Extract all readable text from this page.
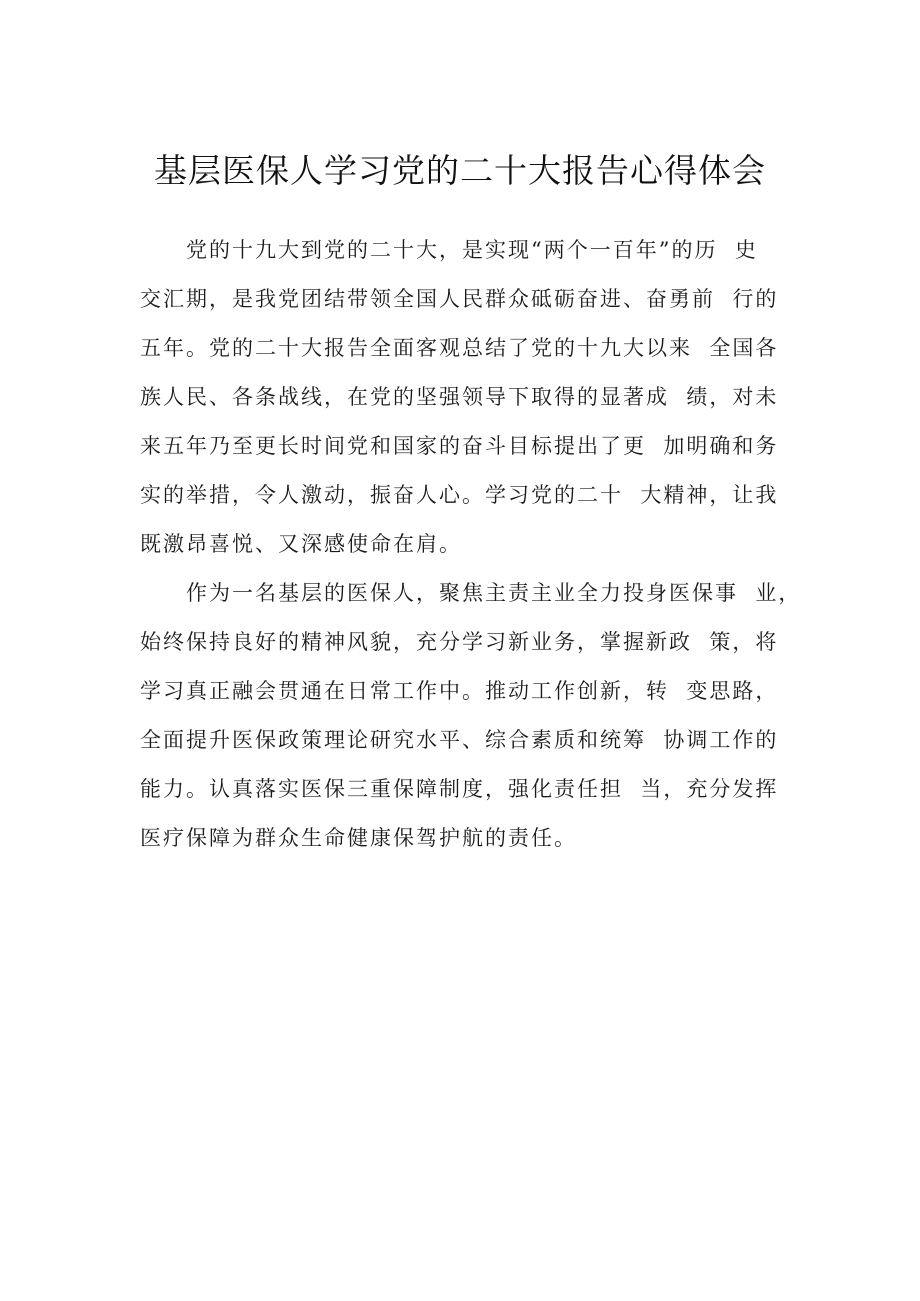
基层医保人学习党的二十大报告心得体会
党的十九大到党的二十大，是实现“两个一百年”的历  史
交汇期，是我党团结带领全国人民群众砥砺奋进、奋勇前  行的
五年。党的二十大报告全面客观总结了党的十九大以来  全国各
族人民、各条战线，在党的坚强领导下取得的显著成  绩，对未
来五年乃至更长时间党和国家的奋斗目标提出了更  加明确和务
实的举措，令人激动，振奋人心。学习党的二十  大精神，让我
既激昂喜悦、又深感使命在肩。
作为一名基层的医保人，聚焦主责主业全力投身医保事  业，
始终保持良好的精神风貌，充分学习新业务，掌握新政  策，将
学习真正融会贯通在日常工作中。推动工作创新，转  变思路，
全面提升医保政策理论研究水平、综合素质和统筹  协调工作的
能力。认真落实医保三重保障制度，强化责任担  当，充分发挥
医疗保障为群众生命健康保驾护航的责任。
